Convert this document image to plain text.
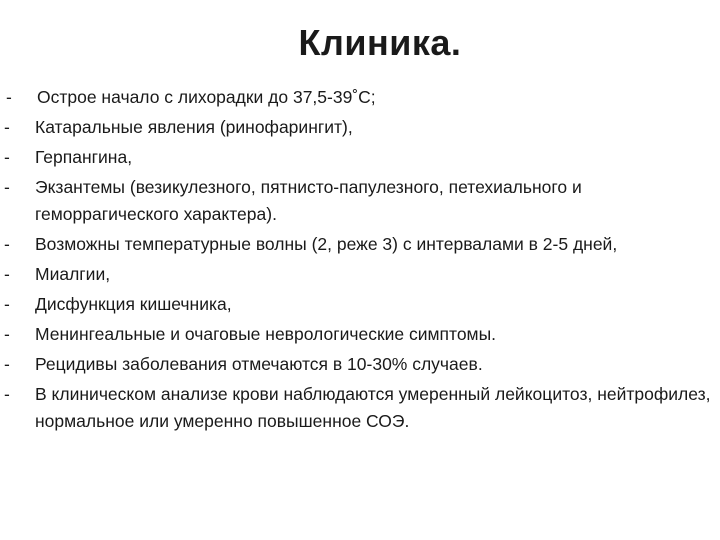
Клиника.
- Острое начало с лихорадки до 37,5-39˚С;
- Катаральные явления (ринофарингит),
- Герпангина,
- Экзантемы (везикулезного, пятнисто-папулезного, петехиального и геморрагического характера).
- Возможны температурные волны (2, реже 3) с интервалами в 2-5 дней,
- Миалгии,
- Дисфункция кишечника,
- Менингеальные и очаговые неврологические симптомы.
- Рецидивы заболевания отмечаются в 10-30% случаев.
- В клиническом анализе крови наблюдаются умеренный лейкоцитоз, нейтрофилез, нормальное или умеренно повышенное СОЭ.
